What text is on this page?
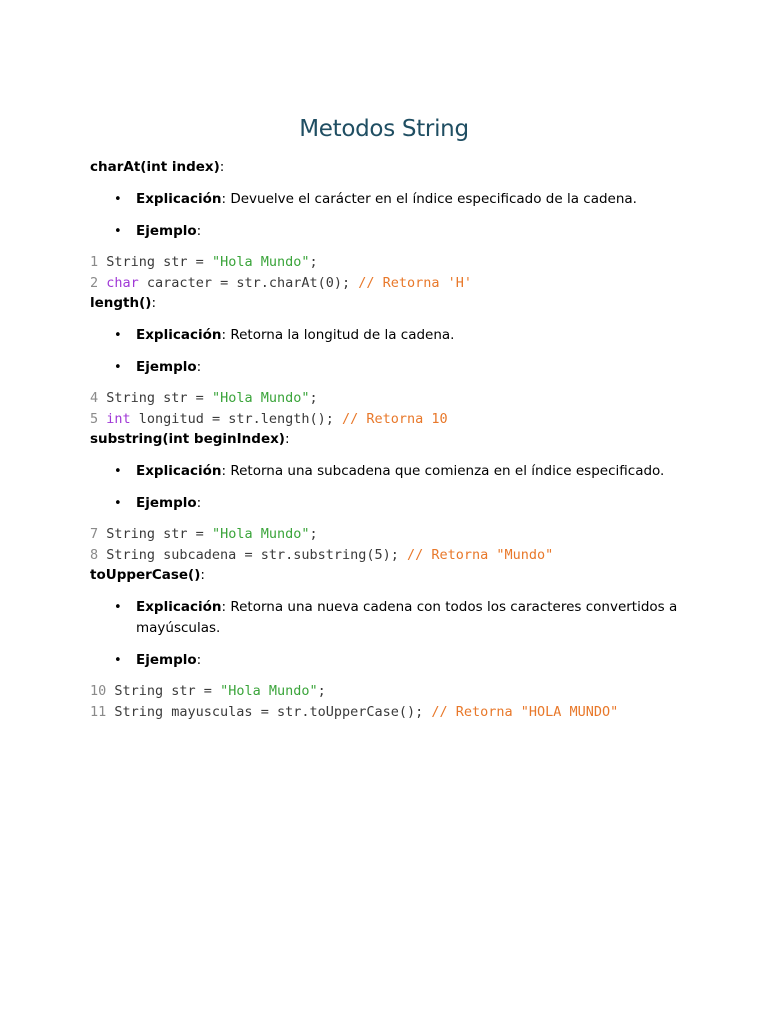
Metodos String
charAt(int index):
• Explicación: Devuelve el carácter en el índice especificado de la cadena.
• Ejemplo:
1 String str = "Hola Mundo";
2 char caracter = str.charAt(0); // Retorna 'H'
length():
• Explicación: Retorna la longitud de la cadena.
• Ejemplo:
4 String str = "Hola Mundo";
5 int longitud = str.length(); // Retorna 10
substring(int beginIndex):
• Explicación: Retorna una subcadena que comienza en el índice especificado.
• Ejemplo:
7 String str = "Hola Mundo";
8 String subcadena = str.substring(5); // Retorna "Mundo"
toUpperCase():
• Explicación: Retorna una nueva cadena con todos los caracteres convertidos a mayúsculas.
• Ejemplo:
10 String str = "Hola Mundo";
11 String mayusculas = str.toUpperCase(); // Retorna "HOLA MUNDO"
